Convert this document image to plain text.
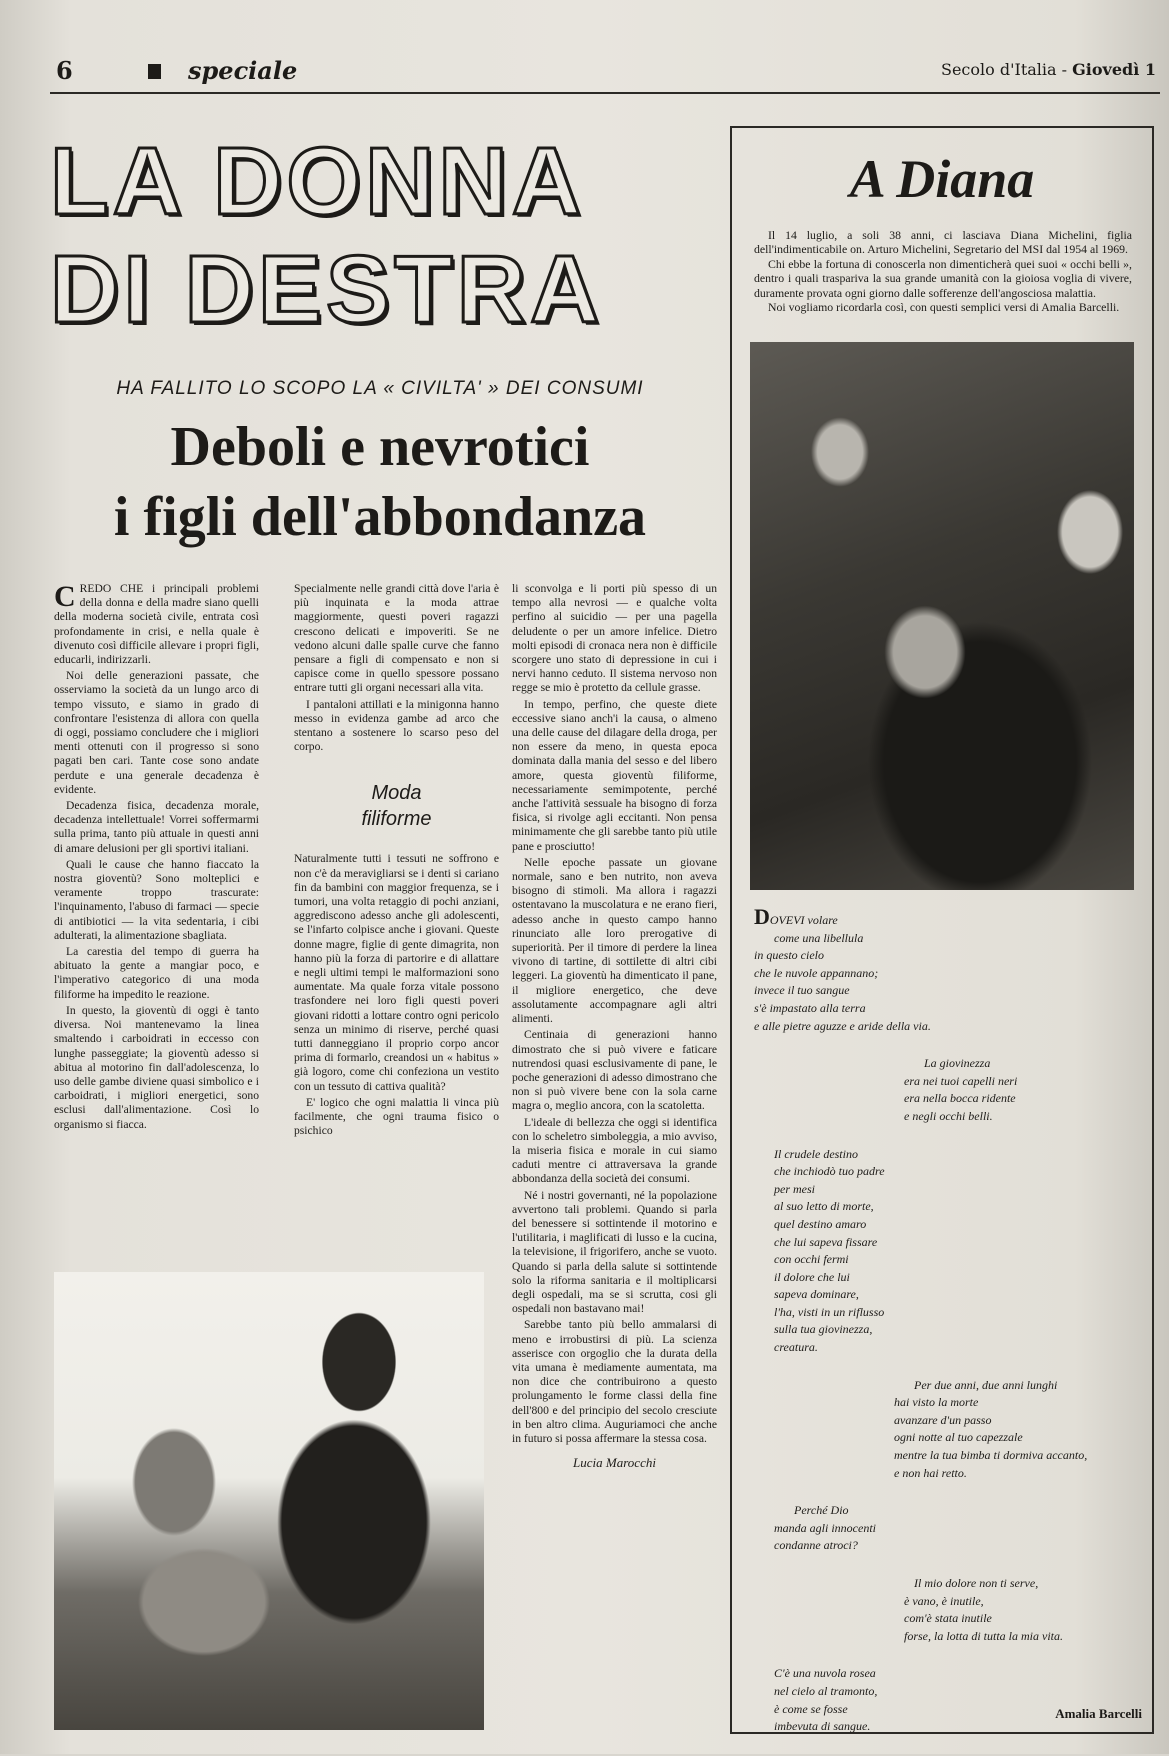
6	speciale	Secolo d'Italia - Giovedì 1
LA DONNA
DI DESTRA
HA FALLITO LO SCOPO LA « CIVILTA' » DEI CONSUMI
Deboli e nevrotici
i figli dell'abbondanza

CREDO CHE i principali problemi della donna e della madre siano quelli della moderna società civile, entrata così profondamente in crisi, e nella quale è divenuto così difficile allevare i propri figli, educarli, indirizzarli.

Noi delle generazioni passate, che osserviamo la società da un lungo arco di tempo vissuto, e siamo in grado di confrontare l'esistenza di allora con quella di oggi, possiamo concludere che i migliori menti ottenuti con il progresso si sono pagati ben cari. Tante cose sono andate perdute e una generale decadenza è evidente.

Decadenza fisica, decadenza morale, decadenza intellettuale! Vorrei soffermarmi sulla prima, tanto più attuale in questi anni di amare delusioni per gli sportivi italiani.

Quali le cause che hanno fiaccato la nostra gioventù? Sono molteplici e veramente troppo trascurate: l'inquinamento, l'abuso di farmaci — specie di antibiotici — la vita sedentaria, i cibi adulterati, la alimentazione sbagliata.

La carestia del tempo di guerra ha abituato la gente a mangiar poco, e l'imperativo categorico di una moda filiforme ha impedito le reazione.

In questo, la gioventù di oggi è tanto diversa. Noi mantenevamo la linea smaltendo i carboidrati in eccesso con lunghe passeggiate; la gioventù adesso si abitua al motorino fin dall'adolescenza, lo uso delle gambe diviene quasi simbolico e i carboidrati, i migliori energetici, sono esclusi dall'alimentazione. Così lo organismo si fiacca.

Specialmente nelle grandi città dove l'aria è più inquinata e la moda attrae maggiormente, questi poveri ragazzi crescono delicati e impoveriti. Se ne vedono alcuni dalle spalle curve che fanno pensare a figli di compensato e non si capisce come in quello spessore possano entrare tutti gli organi necessari alla vita.

I pantaloni attillati e la minigonna hanno messo in evidenza gambe ad arco che stentano a sostenere lo scarso peso del corpo.

Moda
filiforme

Naturalmente tutti i tessuti ne soffrono e non c'è da meravigliarsi se i denti si cariano fin da bambini con maggior frequenza, se i tumori, una volta retaggio di pochi anziani, aggrediscono adesso anche gli adolescenti, se l'infarto colpisce anche i giovani. Queste donne magre, figlie di gente dimagrita, non hanno più la forza di partorire e di allattare e negli ultimi tempi le malformazioni sono aumentate. Ma quale forza vitale possono trasfondere nei loro figli questi poveri giovani ridotti a lottare contro ogni pericolo senza un minimo di riserve, perché quasi tutti danneggiano il proprio corpo ancor prima di formarlo, creandosi un « habitus » già logoro, come chi confeziona un vestito con un tessuto di cattiva qualità?

E' logico che ogni malattia li vinca più facilmente, che ogni trauma fisico o psichico

li sconvolga e li porti più spesso di un tempo alla nevrosi — e qualche volta perfino al suicidio — per una pagella deludente o per un amore infelice. Dietro molti episodi di cronaca nera non è difficile scorgere uno stato di depressione in cui i nervi hanno ceduto. Il sistema nervoso non regge se mio è protetto da cellule grasse.

In tempo, perfino, che queste diete eccessive siano anch'i la causa, o almeno una delle cause del dilagare della droga, per non essere da meno, in questa epoca dominata dalla mania del sesso e del libero amore, questa gioventù filiforme, necessariamente semimpotente, perché anche l'attività sessuale ha bisogno di forza fisica, si rivolge agli eccitanti. Non pensa minimamente che gli sarebbe tanto più utile pane e prosciutto!

Nelle epoche passate un giovane normale, sano e ben nutrito, non aveva bisogno di stimoli. Ma allora i ragazzi ostentavano la muscolatura e ne erano fieri, adesso anche in questo campo hanno rinunciato alle loro prerogative di superiorità. Per il timore di perdere la linea vivono di tartine, di sottilette di altri cibi leggeri. La gioventù ha dimenticato il pane, il migliore energetico, che deve assolutamente accompagnare agli altri alimenti.

Centinaia di generazioni hanno dimostrato che si può vivere e faticare nutrendosi quasi esclusivamente di pane, le poche generazioni di adesso dimostrano che non si può vivere bene con la sola carne magra o, meglio ancora, con la scatoletta.

L'ideale di bellezza che oggi si identifica con lo scheletro simboleggia, a mio avviso, la miseria fisica e morale in cui siamo caduti mentre ci attraversava la grande abbondanza della società dei consumi.

Né i nostri governanti, né la popolazione avvertono tali problemi. Quando si parla del benessere si sottintende il motorino e l'utilitaria, i maglificati di lusso e la cucina, la televisione, il frigorifero, anche se vuoto. Quando si parla della salute si sottintende solo la riforma sanitaria e il moltiplicarsi degli ospedali, ma se si scrutta, cosi gli ospedali non bastavano mai!

Sarebbe tanto più bello ammalarsi di meno e irrobustirsi di più. La scienza asserisce con orgoglio che la durata della vita umana è mediamente aumentata, ma non dice che contribuirono a questo prolungamento le forme classi della fine dell'800 e del principio del secolo cresciute in ben altro clima. Auguriamoci che anche in futuro si possa affermare la stessa cosa.

Lucia Marocchi
A Diana

Il 14 luglio, a soli 38 anni, ci lasciava Diana Michelini, figlia dell'indimenticabile on. Arturo Michelini, Segretario del MSI dal 1954 al 1969.

Chi ebbe la fortuna di conoscerla non dimenticherà quei suoi « occhi belli », dentro i quali traspariva la sua grande umanità con la gioiosa voglia di vivere, duramente provata ogni giorno dalle sofferenze dell'angosciosa malattia.

Noi vogliamo ricordarla così, con questi semplici versi di Amalia Barcelli.

DOVEVI volare
come una libellula
in questo cielo
che le nuvole appannano;
invece il tuo sangue
s'è impastato alla terra
e alle pietre aguzze e aride della via.
La giovinezza
era nei tuoi capelli neri
era nella bocca ridente
e negli occhi belli.
Il crudele destino
che inchiodò tuo padre
per mesi
al suo letto di morte,
quel destino amaro
che lui sapeva fissare
con occhi fermi
il dolore che lui
sapeva dominare,
l'ha, visti in un riflusso
sulla tua giovinezza,
creatura.
Per due anni, due anni lunghi
hai visto la morte
avanzare d'un passo
ogni notte al tuo capezzale
mentre la tua bimba ti dormiva accanto,
e non hai retto.
Perché Dio
manda agli innocenti
condanne atroci?
Il mio dolore non ti serve,
è vano, è inutile,
com'è stata inutile
forse, la lotta di tutta la mia vita.
C'è una nuvola rosea
nel cielo al tramonto,
è come se fosse
imbevuta di sangue.
Amalia Barcelli
